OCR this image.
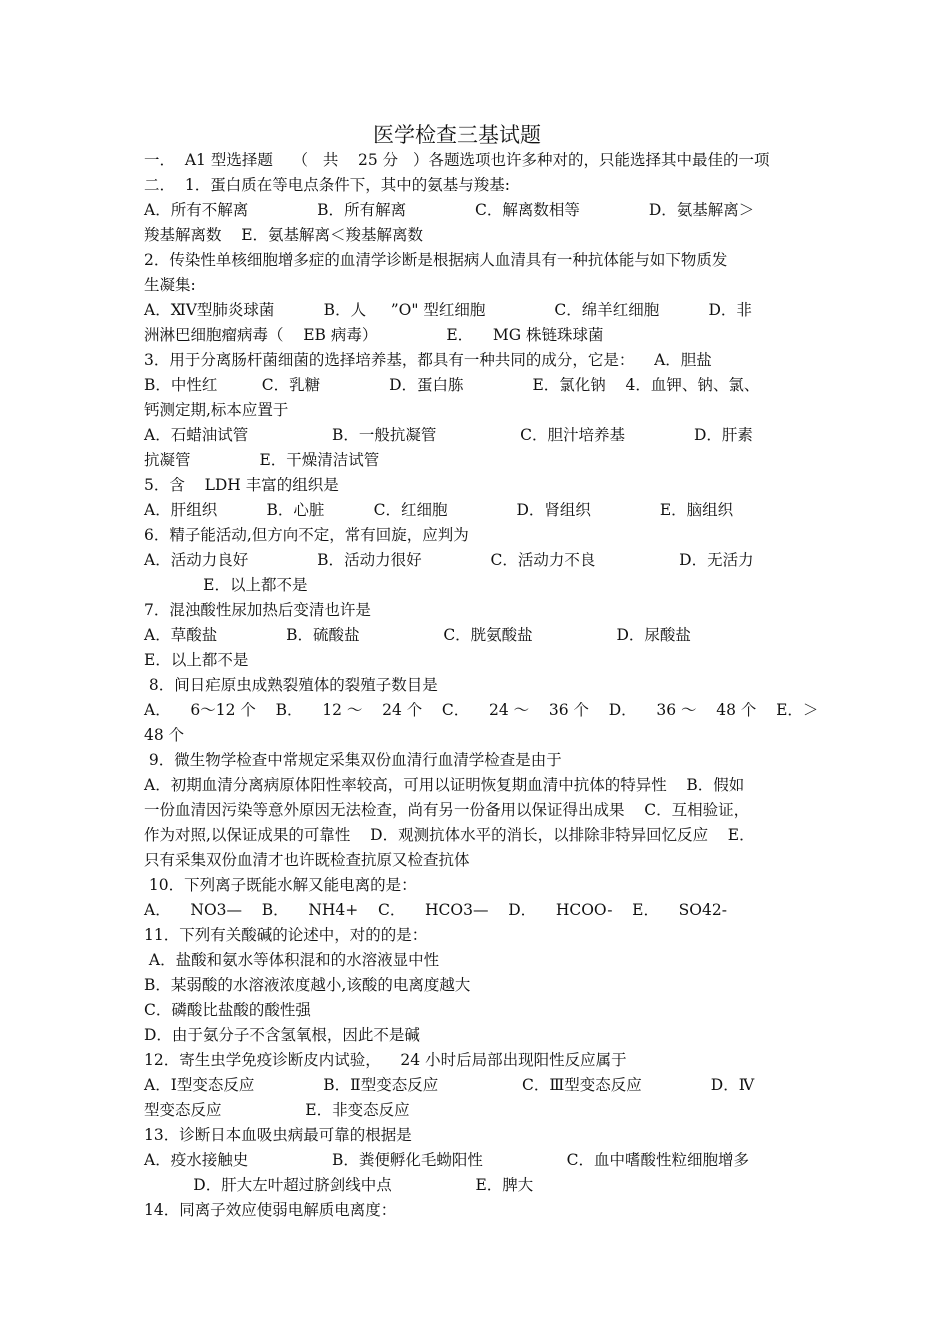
医学检查三基试题
一．  A1 型选择题    （   共    25 分   ）各题选项也许多种对的，只能选择其中最佳的一项
二．  1．蛋白质在等电点条件下，其中的氨基与羧基:
A．所有不解离              B．所有解离              C．解离数相等              D．氨基解离＞
羧基解离数    E．氨基解离＜羧基解离数
2．传染性单核细胞增多症的血清学诊断是根据病人血清具有一种抗体能与如下物质发
生凝集:
A．ⅪⅤ型肺炎球菌          B．人     ”O" 型红细胞              C．绵羊红细胞          D．非
洲淋巴细胞瘤病毒（    EB 病毒）              E．    MG 株链珠球菌
3．用于分离肠杆菌细菌的选择培养基，都具有一种共同的成分，它是：    A．胆盐
B．中性红         C．乳糖              D．蛋白胨              E．氯化钠    4．血钾、钠、氯、
钙测定期,标本应置于
A．石蜡油试管                 B．一般抗凝管                 C．胆汁培养基              D．肝素
抗凝管              E．干燥清洁试管
5．含    LDH 丰富的组织是
A．肝组织          B．心脏          C．红细胞              D．肾组织              E．脑组织
6．精子能活动,但方向不定，常有回旋，应判为
A．活动力良好              B．活动力很好              C．活动力不良                 D．无活力
E．以上都不是
7．混浊酸性尿加热后变清也许是
A．草酸盐              B．硫酸盐                 C．胱氨酸盐                 D．尿酸盐
E．以上都不是
8．间日疟原虫成熟裂殖体的裂殖子数目是
A．    6～12 个    B．    12 ～    24 个    C．    24 ～    36 个    D．    36 ～    48 个    E．＞
48 个
9．微生物学检查中常规定采集双份血清行血清学检查是由于
A．初期血清分离病原体阳性率较高，可用以证明恢复期血清中抗体的特异性    B．假如
一份血清因污染等意外原因无法检查，尚有另一份备用以保证得出成果    C．互相验证，
作为对照,以保证成果的可靠性    D．观测抗体水平的消长，以排除非特异回忆反应    E．
只有采集双份血清才也许既检查抗原又检查抗体
10．下列离子既能水解又能电离的是：
A．    NO3—    B．    NH4+    C．    HCO3—    D．    HCOO-    E．    SO42-
11．下列有关酸碱的论述中，对的的是：
A．盐酸和氨水等体积混和的水溶液显中性
B．某弱酸的水溶液浓度越小,该酸的电离度越大
C．磷酸比盐酸的酸性强
D．由于氨分子不含氢氧根，因此不是碱
12．寄生虫学免疫诊断皮内试验，    24 小时后局部出现阳性反应属于
A．Ⅰ型变态反应              B．Ⅱ型变态反应                 C．Ⅲ型变态反应              D．Ⅳ
型变态反应                 E．非变态反应
13．诊断日本血吸虫病最可靠的根据是
A．疫水接触史                 B．粪便孵化毛蚴阳性                 C．血中嗜酸性粒细胞增多
D．肝大左叶超过脐剑线中点                 E．脾大
14．同离子效应使弱电解质电离度：
